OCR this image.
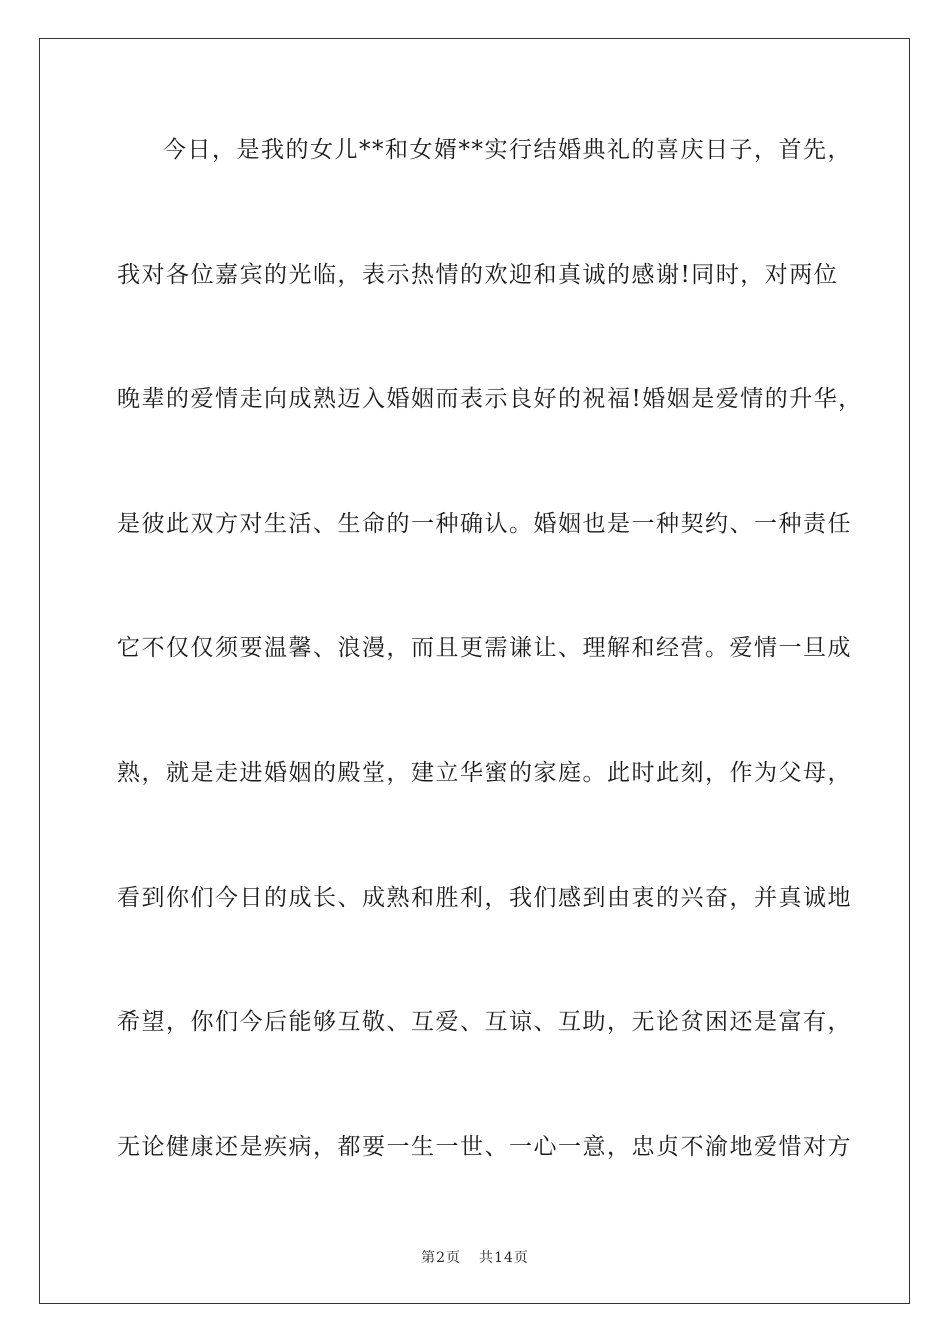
今日，是我的女儿**和女婿**实行结婚典礼的喜庆日子，首先，
我对各位嘉宾的光临，表示热情的欢迎和真诚的感谢!同时，对两位
晚辈的爱情走向成熟迈入婚姻而表示良好的祝福!婚姻是爱情的升华，
是彼此双方对生活、生命的一种确认。婚姻也是一种契约、一种责任
它不仅仅须要温馨、浪漫，而且更需谦让、理解和经营。爱情一旦成
熟，就是走进婚姻的殿堂，建立华蜜的家庭。此时此刻，作为父母，
看到你们今日的成长、成熟和胜利，我们感到由衷的兴奋，并真诚地
希望，你们今后能够互敬、互爱、互谅、互助，无论贫困还是富有，
无论健康还是疾病，都要一生一世、一心一意，忠贞不渝地爱惜对方
第2页 共14页
